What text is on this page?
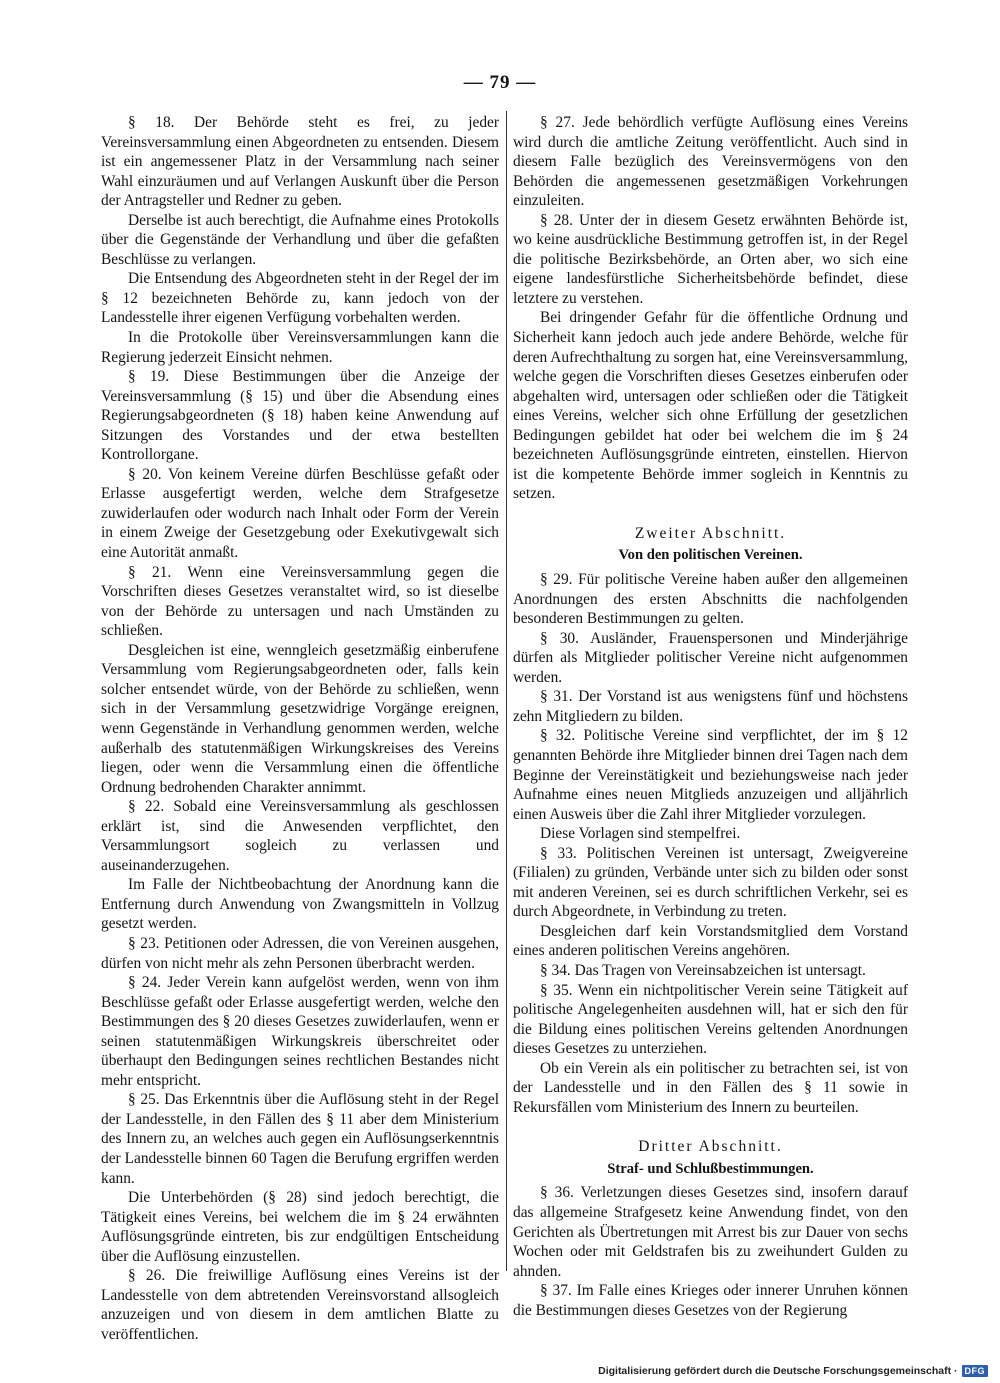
— 79 —

§ 18. Der Behörde steht es frei, zu jeder Vereinsversammlung einen Abgeordneten zu entsenden. Diesem ist ein angemessener Platz in der Versammlung nach seiner Wahl einzuräumen und auf Verlangen Auskunft über die Person der Antragsteller und Redner zu geben.

Derselbe ist auch berechtigt, die Aufnahme eines Protokolls über die Gegenstände der Verhandlung und über die gefaßten Beschlüsse zu verlangen.

Die Entsendung des Abgeordneten steht in der Regel der im § 12 bezeichneten Behörde zu, kann jedoch von der Landesstelle ihrer eigenen Verfügung vorbehalten werden.

In die Protokolle über Vereinsversammlungen kann die Regierung jederzeit Einsicht nehmen.

§ 19. Diese Bestimmungen über die Anzeige der Vereinsversammlung (§ 15) und über die Absendung eines Regierungsabgeordneten (§ 18) haben keine Anwendung auf Sitzungen des Vorstandes und der etwa bestellten Kontrollorgane.

§ 20. Von keinem Vereine dürfen Beschlüsse gefaßt oder Erlasse ausgefertigt werden, welche dem Strafgesetze zuwiderlaufen oder wodurch nach Inhalt oder Form der Verein in einem Zweige der Gesetzgebung oder Exekutivgewalt sich eine Autorität anmaßt.

§ 21. Wenn eine Vereinsversammlung gegen die Vorschriften dieses Gesetzes veranstaltet wird, so ist dieselbe von der Behörde zu untersagen und nach Umständen zu schließen.

Desgleichen ist eine, wenngleich gesetzmäßig einberufene Versammlung vom Regierungsabgeordneten oder, falls kein solcher entsendet würde, von der Behörde zu schließen, wenn sich in der Versammlung gesetzwidrige Vorgänge ereignen, wenn Gegenstände in Verhandlung genommen werden, welche außerhalb des statutenmäßigen Wirkungskreises des Vereins liegen, oder wenn die Versammlung einen die öffentliche Ordnung bedrohenden Charakter annimmt.

§ 22. Sobald eine Vereinsversammlung als geschlossen erklärt ist, sind die Anwesenden verpflichtet, den Versammlungsort sogleich zu verlassen und auseinanderzugehen.

Im Falle der Nichtbeobachtung der Anordnung kann die Entfernung durch Anwendung von Zwangsmitteln in Vollzug gesetzt werden.

§ 23. Petitionen oder Adressen, die von Vereinen ausgehen, dürfen von nicht mehr als zehn Personen überbracht werden.

§ 24. Jeder Verein kann aufgelöst werden, wenn von ihm Beschlüsse gefaßt oder Erlasse ausgefertigt werden, welche den Bestimmungen des § 20 dieses Gesetzes zuwiderlaufen, wenn er seinen statutenmäßigen Wirkungskreis überschreitet oder überhaupt den Bedingungen seines rechtlichen Bestandes nicht mehr entspricht.

§ 25. Das Erkenntnis über die Auflösung steht in der Regel der Landesstelle, in den Fällen des § 11 aber dem Ministerium des Innern zu, an welches auch gegen ein Auflösungserkenntnis der Landesstelle binnen 60 Tagen die Berufung ergriffen werden kann.

Die Unterbehörden (§ 28) sind jedoch berechtigt, die Tätigkeit eines Vereins, bei welchem die im § 24 erwähnten Auflösungsgründe eintreten, bis zur endgültigen Entscheidung über die Auflösung einzustellen.

§ 26. Die freiwillige Auflösung eines Vereins ist der Landesstelle von dem abtretenden Vereinsvorstand allsogleich anzuzeigen und von diesem in dem amtlichen Blatte zu veröffentlichen.

§ 27. Jede behördlich verfügte Auflösung eines Vereins wird durch die amtliche Zeitung veröffentlicht. Auch sind in diesem Falle bezüglich des Vereinsvermögens von den Behörden die angemessenen gesetzmäßigen Vorkehrungen einzuleiten.

§ 28. Unter der in diesem Gesetz erwähnten Behörde ist, wo keine ausdrückliche Bestimmung getroffen ist, in der Regel die politische Bezirksbehörde, an Orten aber, wo sich eine eigene landesfürstliche Sicherheitsbehörde befindet, diese letztere zu verstehen.

Bei dringender Gefahr für die öffentliche Ordnung und Sicherheit kann jedoch auch jede andere Behörde, welche für deren Aufrechthaltung zu sorgen hat, eine Vereinsversammlung, welche gegen die Vorschriften dieses Gesetzes einberufen oder abgehalten wird, untersagen oder schließen oder die Tätigkeit eines Vereins, welcher sich ohne Erfüllung der gesetzlichen Bedingungen gebildet hat oder bei welchem die im § 24 bezeichneten Auflösungsgründe eintreten, einstellen. Hiervon ist die kompetente Behörde immer sogleich in Kenntnis zu setzen.

Zweiter Abschnitt.
Von den politischen Vereinen.

§ 29. Für politische Vereine haben außer den allgemeinen Anordnungen des ersten Abschnitts die nachfolgenden besonderen Bestimmungen zu gelten.

§ 30. Ausländer, Frauenspersonen und Minderjährige dürfen als Mitglieder politischer Vereine nicht aufgenommen werden.

§ 31. Der Vorstand ist aus wenigstens fünf und höchstens zehn Mitgliedern zu bilden.

§ 32. Politische Vereine sind verpflichtet, der im § 12 genannten Behörde ihre Mitglieder binnen drei Tagen nach dem Beginne der Vereinstätigkeit und beziehungsweise nach jeder Aufnahme eines neuen Mitglieds anzuzeigen und alljährlich einen Ausweis über die Zahl ihrer Mitglieder vorzulegen.

Diese Vorlagen sind stempelfrei.

§ 33. Politischen Vereinen ist untersagt, Zweigvereine (Filialen) zu gründen, Verbände unter sich zu bilden oder sonst mit anderen Vereinen, sei es durch schriftlichen Verkehr, sei es durch Abgeordnete, in Verbindung zu treten.

Desgleichen darf kein Vorstandsmitglied dem Vorstand eines anderen politischen Vereins angehören.

§ 34. Das Tragen von Vereinsabzeichen ist untersagt.

§ 35. Wenn ein nichtpolitischer Verein seine Tätigkeit auf politische Angelegenheiten ausdehnen will, hat er sich den für die Bildung eines politischen Vereins geltenden Anordnungen dieses Gesetzes zu unterziehen.

Ob ein Verein als ein politischer zu betrachten sei, ist von der Landesstelle und in den Fällen des § 11 sowie in Rekursfällen vom Ministerium des Innern zu beurteilen.

Dritter Abschnitt.
Straf- und Schlußbestimmungen.

§ 36. Verletzungen dieses Gesetzes sind, insofern darauf das allgemeine Strafgesetz keine Anwendung findet, von den Gerichten als Übertretungen mit Arrest bis zur Dauer von sechs Wochen oder mit Geldstrafen bis zu zweihundert Gulden zu ahnden.

§ 37. Im Falle eines Krieges oder innerer Unruhen können die Bestimmungen dieses Gesetzes von der Regierung

Digitalisierung gefördert durch die Deutsche Forschungsgemeinschaft · DFG
